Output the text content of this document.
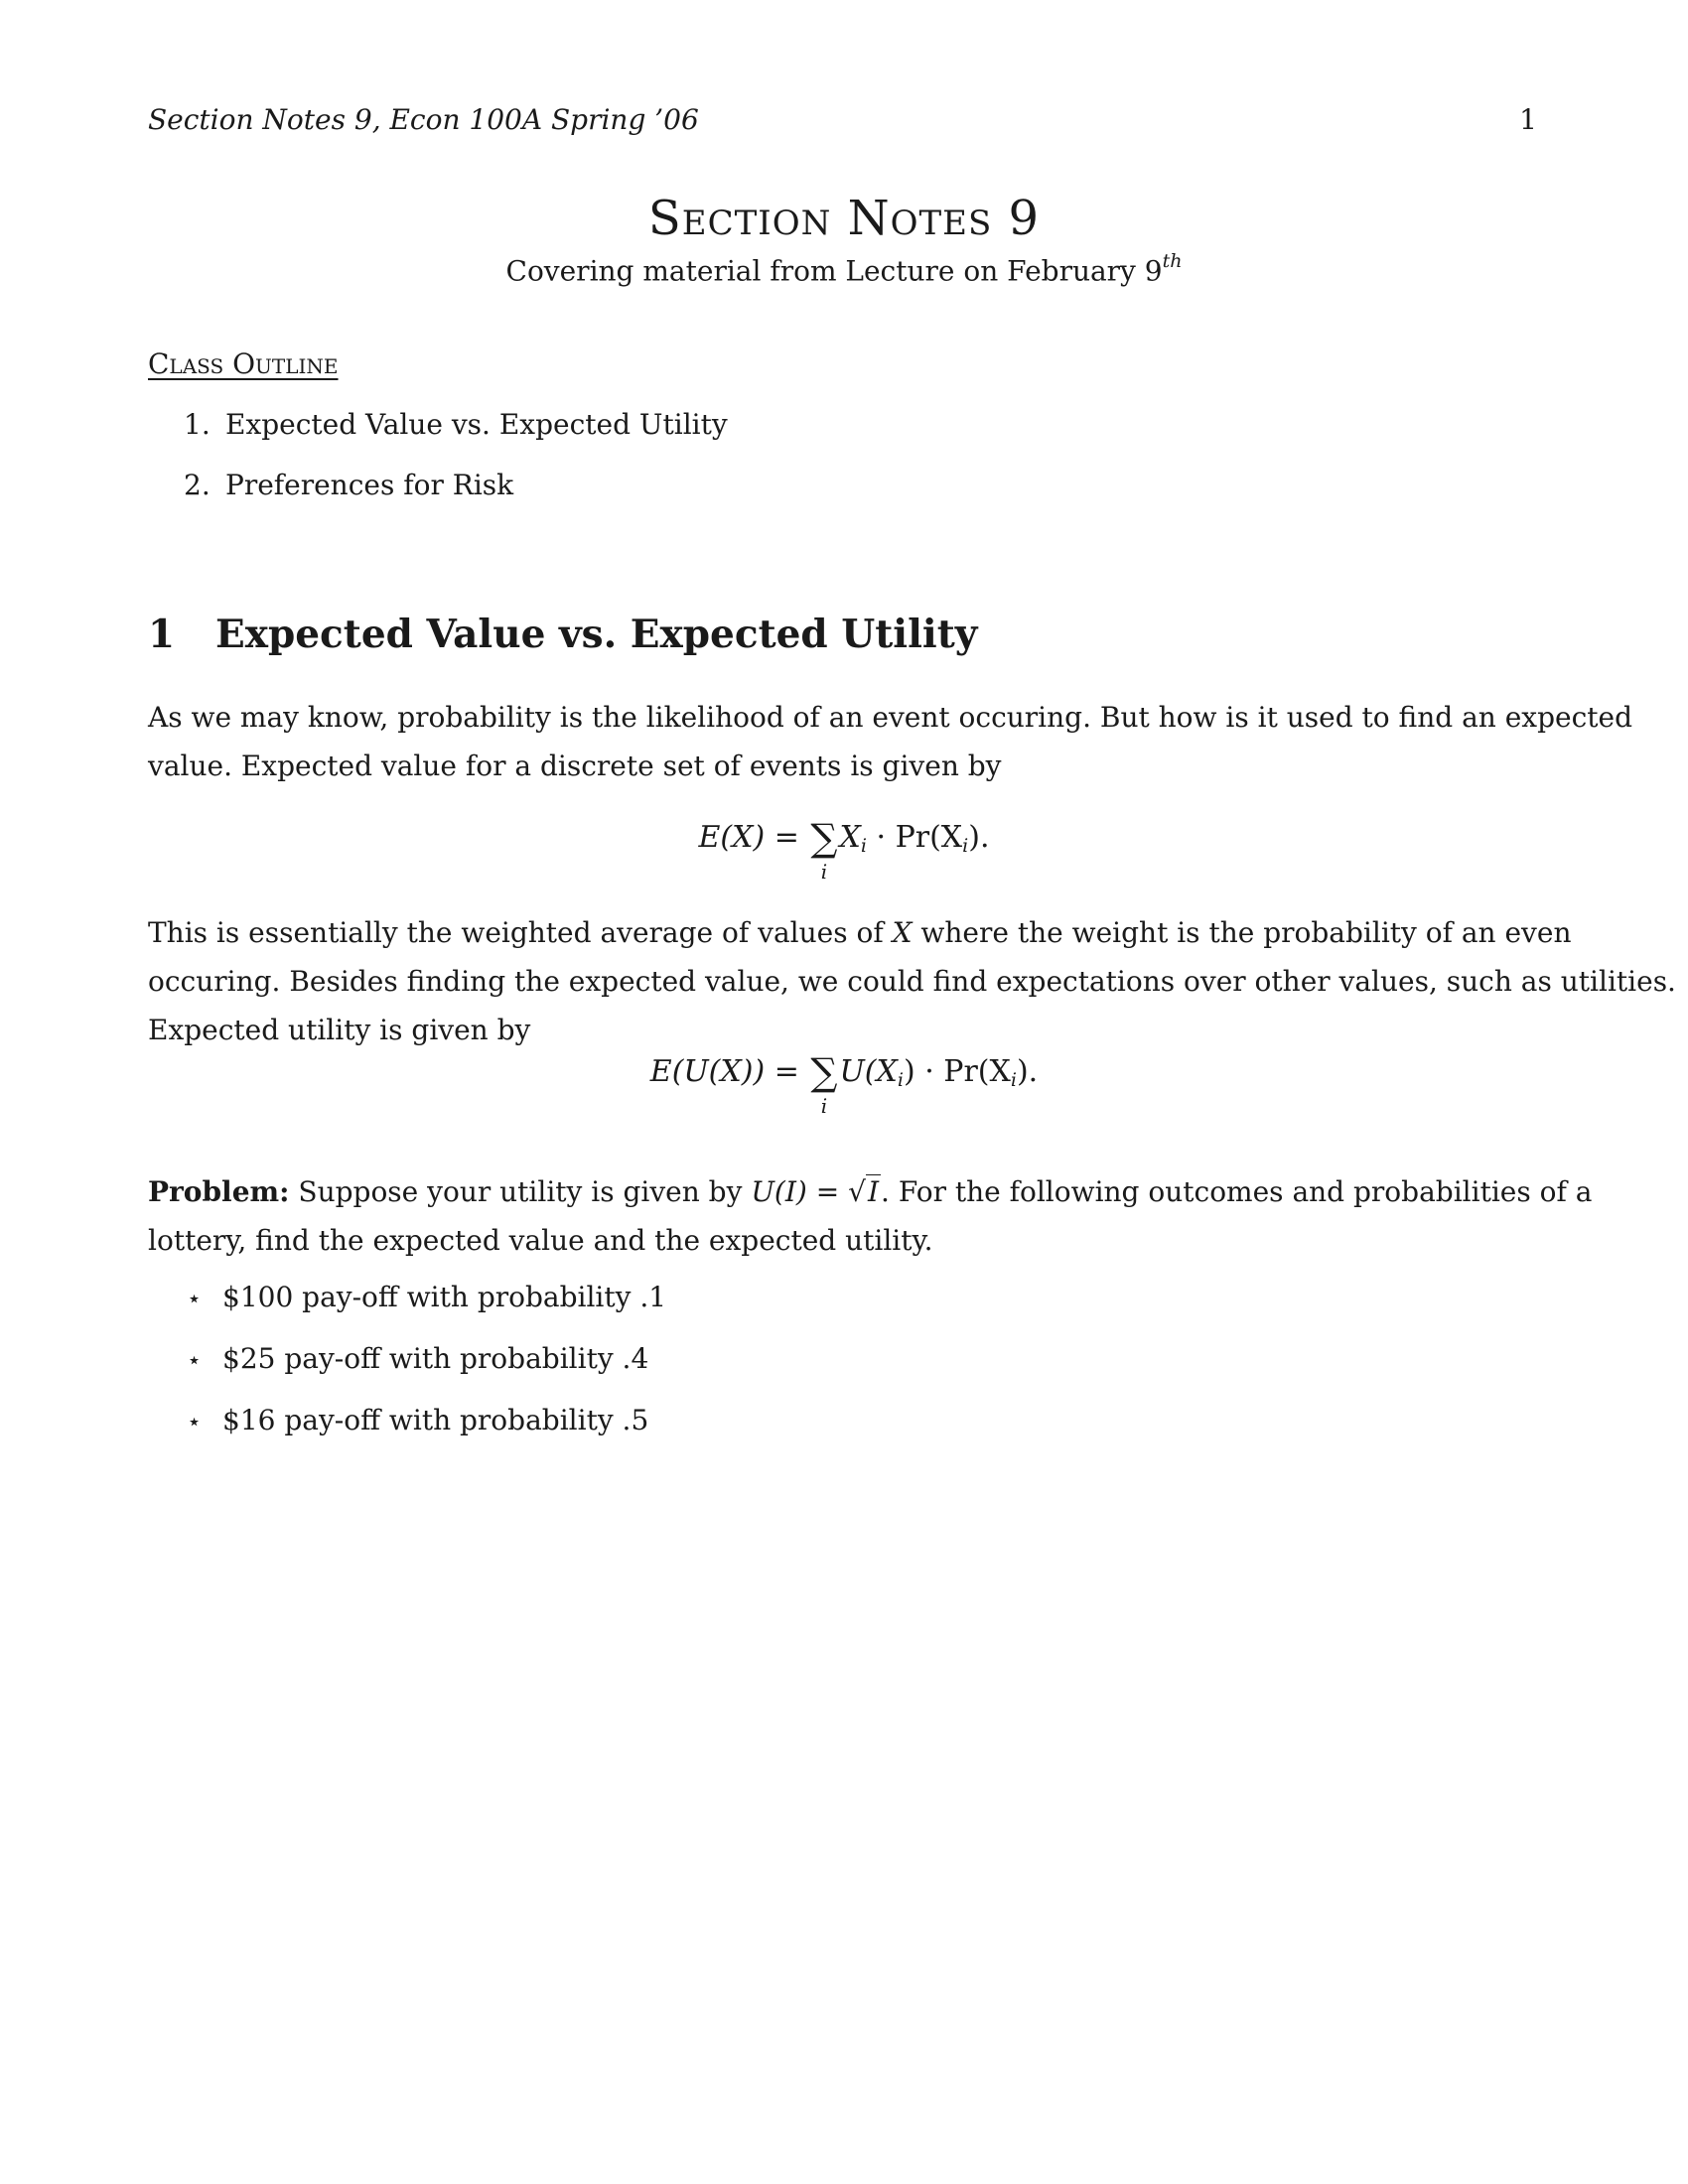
Section Notes 9, Econ 100A Spring ’06	1
Section Notes 9
Covering material from Lecture on February 9th
Class Outline
1. Expected Value vs. Expected Utility
2. Preferences for Risk
1 Expected Value vs. Expected Utility
As we may know, probability is the likelihood of an event occuring. But how is it used to find an expected
value. Expected value for a discrete set of events is given by
E(X) = ∑
i
$X_i \cdot Pr(X_i)$.
This is essentially the weighted average of values of X where the weight is the probability of an even
occuring. Besides finding the expected value, we could find expectations over other values, such as utilities.
Expected utility is given by
E(U(X)) = ∑
i
$U(X_i) \cdot Pr(X_i)$.
Problem: Suppose your utility is given by U(I) = √I. For the following outcomes and probabilities of a
lottery, find the expected value and the expected utility.
⋆ $100 pay-off with probability .1
⋆ $25 pay-off with probability .4
⋆ $16 pay-off with probability .5
